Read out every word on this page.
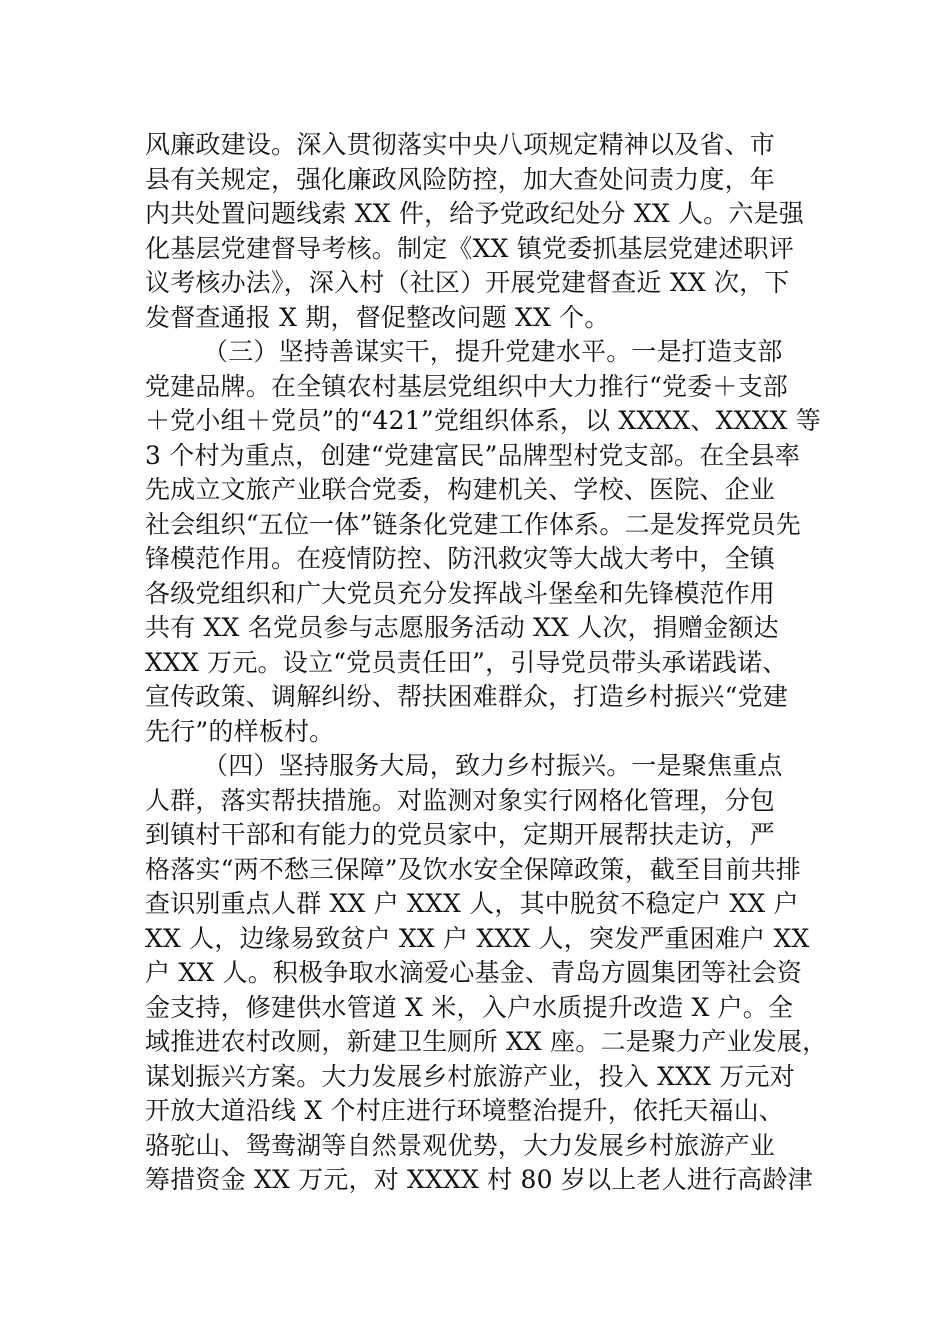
风廉政建设。深入贯彻落实中央八项规定精神以及省、市
县有关规定，强化廉政风险防控，加大查处问责力度，年
内共处置问题线索 XX 件，给予党政纪处分 XX 人。六是强
化基层党建督导考核。制定《XX 镇党委抓基层党建述职评
议考核办法》，深入村（社区）开展党建督查近 XX 次，下
发督查通报 X 期，督促整改问题 XX 个。
（三）坚持善谋实干，提升党建水平。一是打造支部
党建品牌。在全镇农村基层党组织中大力推行“党委＋支部
＋党小组＋党员”的“421”党组织体系，以 XXXX、XXXX 等
3 个村为重点，创建“党建富民”品牌型村党支部。在全县率
先成立文旅产业联合党委，构建机关、学校、医院、企业
社会组织“五位一体”链条化党建工作体系。二是发挥党员先
锋模范作用。在疫情防控、防汛救灾等大战大考中，全镇
各级党组织和广大党员充分发挥战斗堡垒和先锋模范作用
共有 XX 名党员参与志愿服务活动 XX 人次，捐赠金额达
XXX 万元。设立“党员责任田”，引导党员带头承诺践诺、
宣传政策、调解纠纷、帮扶困难群众，打造乡村振兴“党建
先行”的样板村。
（四）坚持服务大局，致力乡村振兴。一是聚焦重点
人群，落实帮扶措施。对监测对象实行网格化管理，分包
到镇村干部和有能力的党员家中，定期开展帮扶走访，严
格落实“两不愁三保障”及饮水安全保障政策，截至目前共排
查识别重点人群 XX 户 XXX 人，其中脱贫不稳定户 XX 户
XX 人，边缘易致贫户 XX 户 XXX 人，突发严重困难户 XX
户 XX 人。积极争取水滴爱心基金、青岛方圆集团等社会资
金支持，修建供水管道 X 米，入户水质提升改造 X 户。全
域推进农村改厕，新建卫生厕所 XX 座。二是聚力产业发展，
谋划振兴方案。大力发展乡村旅游产业，投入 XXX 万元对
开放大道沿线 X 个村庄进行环境整治提升，依托天福山、
骆驼山、鸳鸯湖等自然景观优势，大力发展乡村旅游产业
筹措资金 XX 万元，对 XXXX 村 80 岁以上老人进行高龄津
